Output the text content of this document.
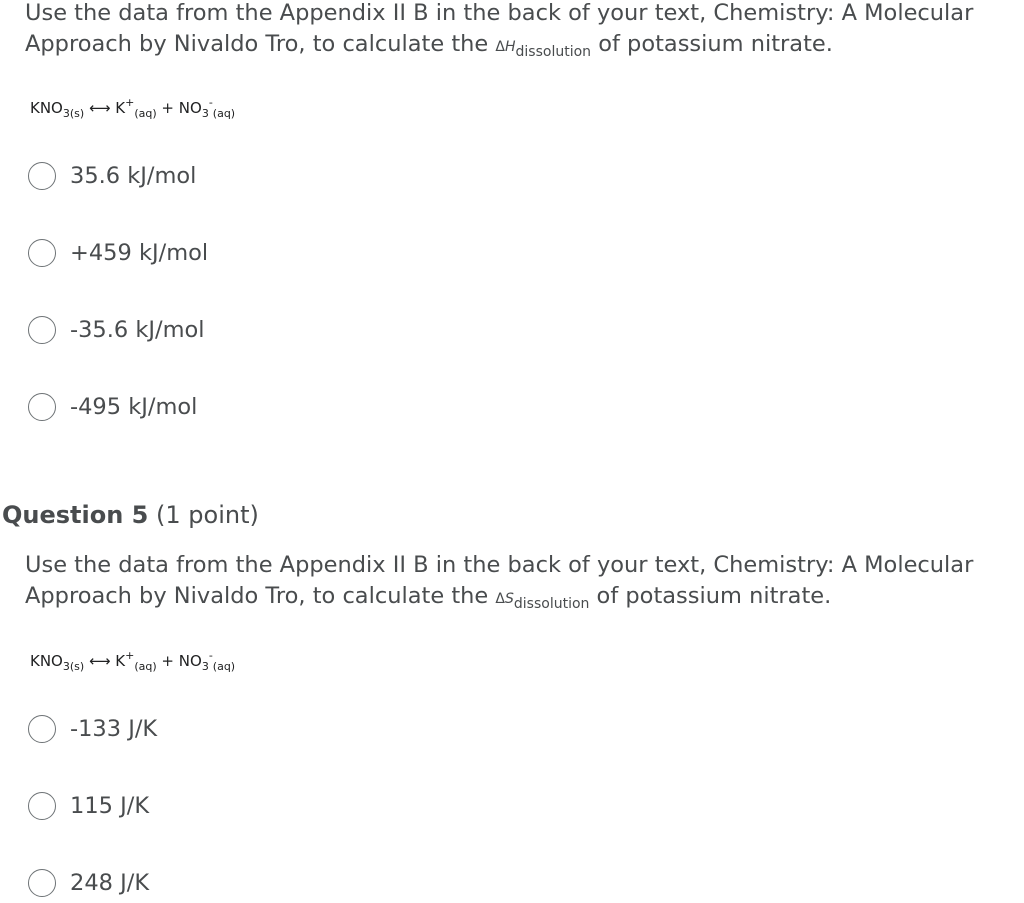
Use the data from the Appendix II B in the back of your text, Chemistry: A Molecular Approach by Nivaldo Tro, to calculate the $\Delta H_{dissolution}$ of potassium nitrate.
$KNO_{3(s)}$ ⟷ $K^+_{(aq)} + NO_3^-_{(aq)}$
35.6 kJ/mol
+459 kJ/mol
-35.6 kJ/mol
-495 kJ/mol
Question 5 (1 point)
Use the data from the Appendix II B in the back of your text, Chemistry: A Molecular Approach by Nivaldo Tro, to calculate the $\Delta S_{dissolution}$ of potassium nitrate.
$KNO_{3(s)}$ ⟷ $K^+_{(aq)} + NO_3^-_{(aq)}$
-133 J/K
115 J/K
248 J/K
